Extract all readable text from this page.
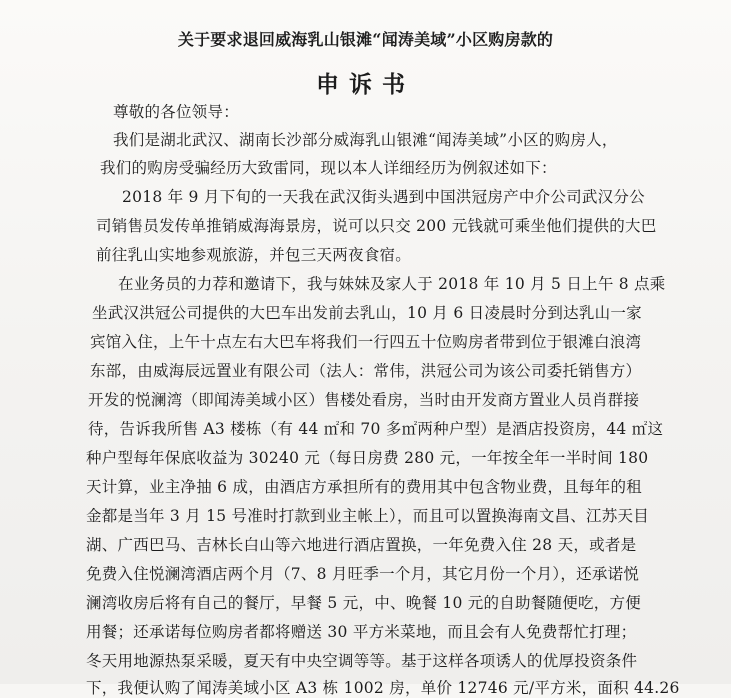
关于要求退回威海乳山银滩“闻涛美域”小区购房款的
申诉书
尊敬的各位领导：
我们是湖北武汉、湖南长沙部分威海乳山银滩“闻涛美域”小区的购房人，
我们的购房受骗经历大致雷同，现以本人详细经历为例叙述如下：
2018 年 9 月下旬的一天我在武汉街头遇到中国洪冠房产中介公司武汉分公
司销售员发传单推销威海海景房，说可以只交 200 元钱就可乘坐他们提供的大巴
前往乳山实地参观旅游，并包三天两夜食宿。
在业务员的力荐和邀请下，我与妹妹及家人于 2018 年 10 月 5 日上午 8 点乘
坐武汉洪冠公司提供的大巴车出发前去乳山，10 月 6 日凌晨时分到达乳山一家
宾馆入住，上午十点左右大巴车将我们一行四五十位购房者带到位于银滩白浪湾
东部，由威海辰远置业有限公司（法人：常伟，洪冠公司为该公司委托销售方）
开发的悦澜湾（即闻涛美域小区）售楼处看房，当时由开发商方置业人员肖群接
待，告诉我所售 A3 楼栋（有 44 ㎡和 70 多㎡两种户型）是酒店投资房，44 ㎡这
种户型每年保底收益为 30240 元（每日房费 280 元，一年按全年一半时间 180
天计算，业主净抽 6 成，由酒店方承担所有的费用其中包含物业费，且每年的租
金都是当年 3 月 15 号准时打款到业主帐上），而且可以置换海南文昌、江苏天目
湖、广西巴马、吉林长白山等六地进行酒店置换，一年免费入住 28 天，或者是
免费入住悦澜湾酒店两个月（7、8 月旺季一个月，其它月份一个月），还承诺悦
澜湾收房后将有自己的餐厅，早餐 5 元，中、晚餐 10 元的自助餐随便吃，方便
用餐；还承诺每位购房者都将赠送 30 平方米菜地，而且会有人免费帮忙打理；
冬天用地源热泵采暖，夏天有中央空调等等。基于这样各项诱人的优厚投资条件
下，我便认购了闻涛美域小区 A3 栋 1002 房，单价 12746 元/平方米，面积 44.26
